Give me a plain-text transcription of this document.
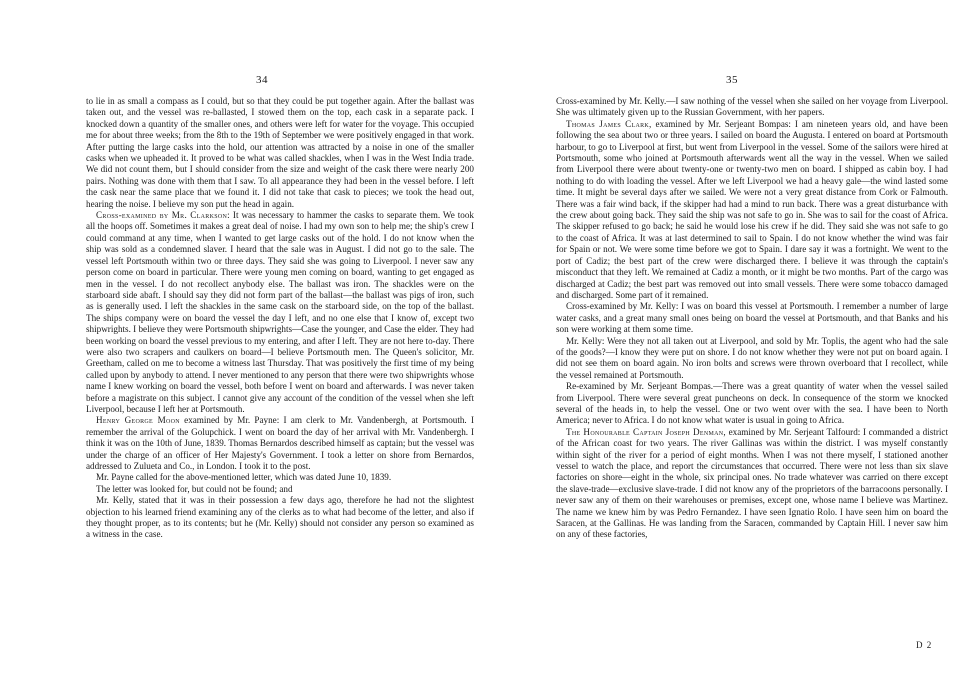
34	35

to lie in as small a compass as I could, but so that they could be put together again. After the ballast was taken out, and the vessel was re-ballasted, I stowed them on the top, each cask in a separate pack. I knocked down a quantity of the smaller ones, and others were left for water for the voyage. This occupied me for about three weeks; from the 8th to the 19th of September we were positively engaged in that work. After putting the large casks into the hold, our attention was attracted by a noise in one of the smaller casks when we upheaded it. It proved to be what was called shackles, when I was in the West India trade. We did not count them, but I should consider from the size and weight of the cask there were nearly 200 pairs. Nothing was done with them that I saw. To all appearance they had been in the vessel before. I left the cask near the same place that we found it. I did not take that cask to pieces; we took the head out, hearing the noise. I believe my son put the head in again.

Cross-examined by Mr. Clarkson: It was necessary to hammer the casks to separate them. We took all the hoops off. Sometimes it makes a great deal of noise. I had my own son to help me; the ship's crew I could command at any time, when I wanted to get large casks out of the hold. I do not know when the ship was sold as a condemned slaver. I heard that the sale was in August. I did not go to the sale. The vessel left Portsmouth within two or three days. They said she was going to Liverpool. I never saw any person come on board in particular. There were young men coming on board, wanting to get engaged as men in the vessel. I do not recollect anybody else. The ballast was iron. The shackles were on the starboard side abaft. I should say they did not form part of the ballast—the ballast was pigs of iron, such as is generally used. I left the shackles in the same cask on the starboard side, on the top of the ballast. The ships company were on board the vessel the day I left, and no one else that I know of, except two shipwrights. I believe they were Portsmouth shipwrights—Case the younger, and Case the elder. They had been working on board the vessel previous to my entering, and after I left. They are not here to-day. There were also two scrapers and caulkers on board—I believe Portsmouth men. The Queen's solicitor, Mr. Greetham, called on me to become a witness last Thursday. That was positively the first time of my being called upon by anybody to attend. I never mentioned to any person that there were two shipwrights whose name I knew working on board the vessel, both before I went on board and afterwards. I was never taken before a magistrate on this subject. I cannot give any account of the condition of the vessel when she left Liverpool, because I left her at Portsmouth.

Henry George Moon examined by Mr. Payne: I am clerk to Mr. Vandenbergh, at Portsmouth. I remember the arrival of the Golupchick. I went on board the day of her arrival with Mr. Vandenbergh. I think it was on the 10th of June, 1839. Thomas Bernardos described himself as captain; but the vessel was under the charge of an officer of Her Majesty's Government. I took a letter on shore from Bernardos, addressed to Zulueta and Co., in London. I took it to the post.

Mr. Payne called for the above-mentioned letter, which was dated June 10, 1839.

The letter was looked for, but could not be found; and

Mr. Kelly, stated that it was in their possession a few days ago, therefore he had not the slightest objection to his learned friend examining any of the clerks as to what had become of the letter, and also if they thought proper, as to its contents; but he (Mr. Kelly) should not consider any person so examined as a witness in the case.

Cross-examined by Mr. Kelly.—I saw nothing of the vessel when she sailed on her voyage from Liverpool. She was ultimately given up to the Russian Government, with her papers.

Thomas James Clark, examined by Mr. Serjeant Bompas: I am nineteen years old, and have been following the sea about two or three years. I sailed on board the Augusta. I entered on board at Portsmouth harbour, to go to Liverpool at first, but went from Liverpool in the vessel. Some of the sailors were hired at Portsmouth, some who joined at Portsmouth afterwards went all the way in the vessel. When we sailed from Liverpool there were about twenty-one or twenty-two men on board. I shipped as cabin boy. I had nothing to do with loading the vessel. After we left Liverpool we had a heavy gale—the wind lasted some time. It might be several days after we sailed. We were not a very great distance from Cork or Falmouth. There was a fair wind back, if the skipper had had a mind to run back. There was a great disturbance with the crew about going back. They said the ship was not safe to go in. She was to sail for the coast of Africa. The skipper refused to go back; he said he would lose his crew if he did. They said she was not safe to go to the coast of Africa. It was at last determined to sail to Spain. I do not know whether the wind was fair for Spain or not. We were some time before we got to Spain. I dare say it was a fortnight. We went to the port of Cadiz; the best part of the crew were discharged there. I believe it was through the captain's misconduct that they left. We remained at Cadiz a month, or it might be two months. Part of the cargo was discharged at Cadiz; the best part was removed out into small vessels. There were some tobacco damaged and discharged. Some part of it remained.

Cross-examined by Mr. Kelly: I was on board this vessel at Portsmouth. I remember a number of large water casks, and a great many small ones being on board the vessel at Portsmouth, and that Banks and his son were working at them some time.

Mr. Kelly: Were they not all taken out at Liverpool, and sold by Mr. Toplis, the agent who had the sale of the goods?—I know they were put on shore. I do not know whether they were not put on board again. I did not see them on board again. No iron bolts and screws were thrown overboard that I recollect, while the vessel remained at Portsmouth.

Re-examined by Mr. Serjeant Bompas.—There was a great quantity of water when the vessel sailed from Liverpool. There were several great puncheons on deck. In consequence of the storm we knocked several of the heads in, to help the vessel. One or two went over with the sea. I have been to North America; never to Africa. I do not know what water is usual in going to Africa.

The Honourable Captain Joseph Denman, examined by Mr. Serjeant Talfourd: I commanded a district of the African coast for two years. The river Gallinas was within the district. I was myself constantly within sight of the river for a period of eight months. When I was not there myself, I stationed another vessel to watch the place, and report the circumstances that occurred. There were not less than six slave factories on shore—eight in the whole, six principal ones. No trade whatever was carried on there except the slave-trade—exclusive slave-trade. I did not know any of the proprietors of the barracoons personally. I never saw any of them on their warehouses or premises, except one, whose name I believe was Martinez. The name we knew him by was Pedro Fernandez. I have seen Ignatio Rolo. I have seen him on board the Saracen, at the Gallinas. He was landing from the Saracen, commanded by Captain Hill. I never saw him on any of these factories,

D 2
